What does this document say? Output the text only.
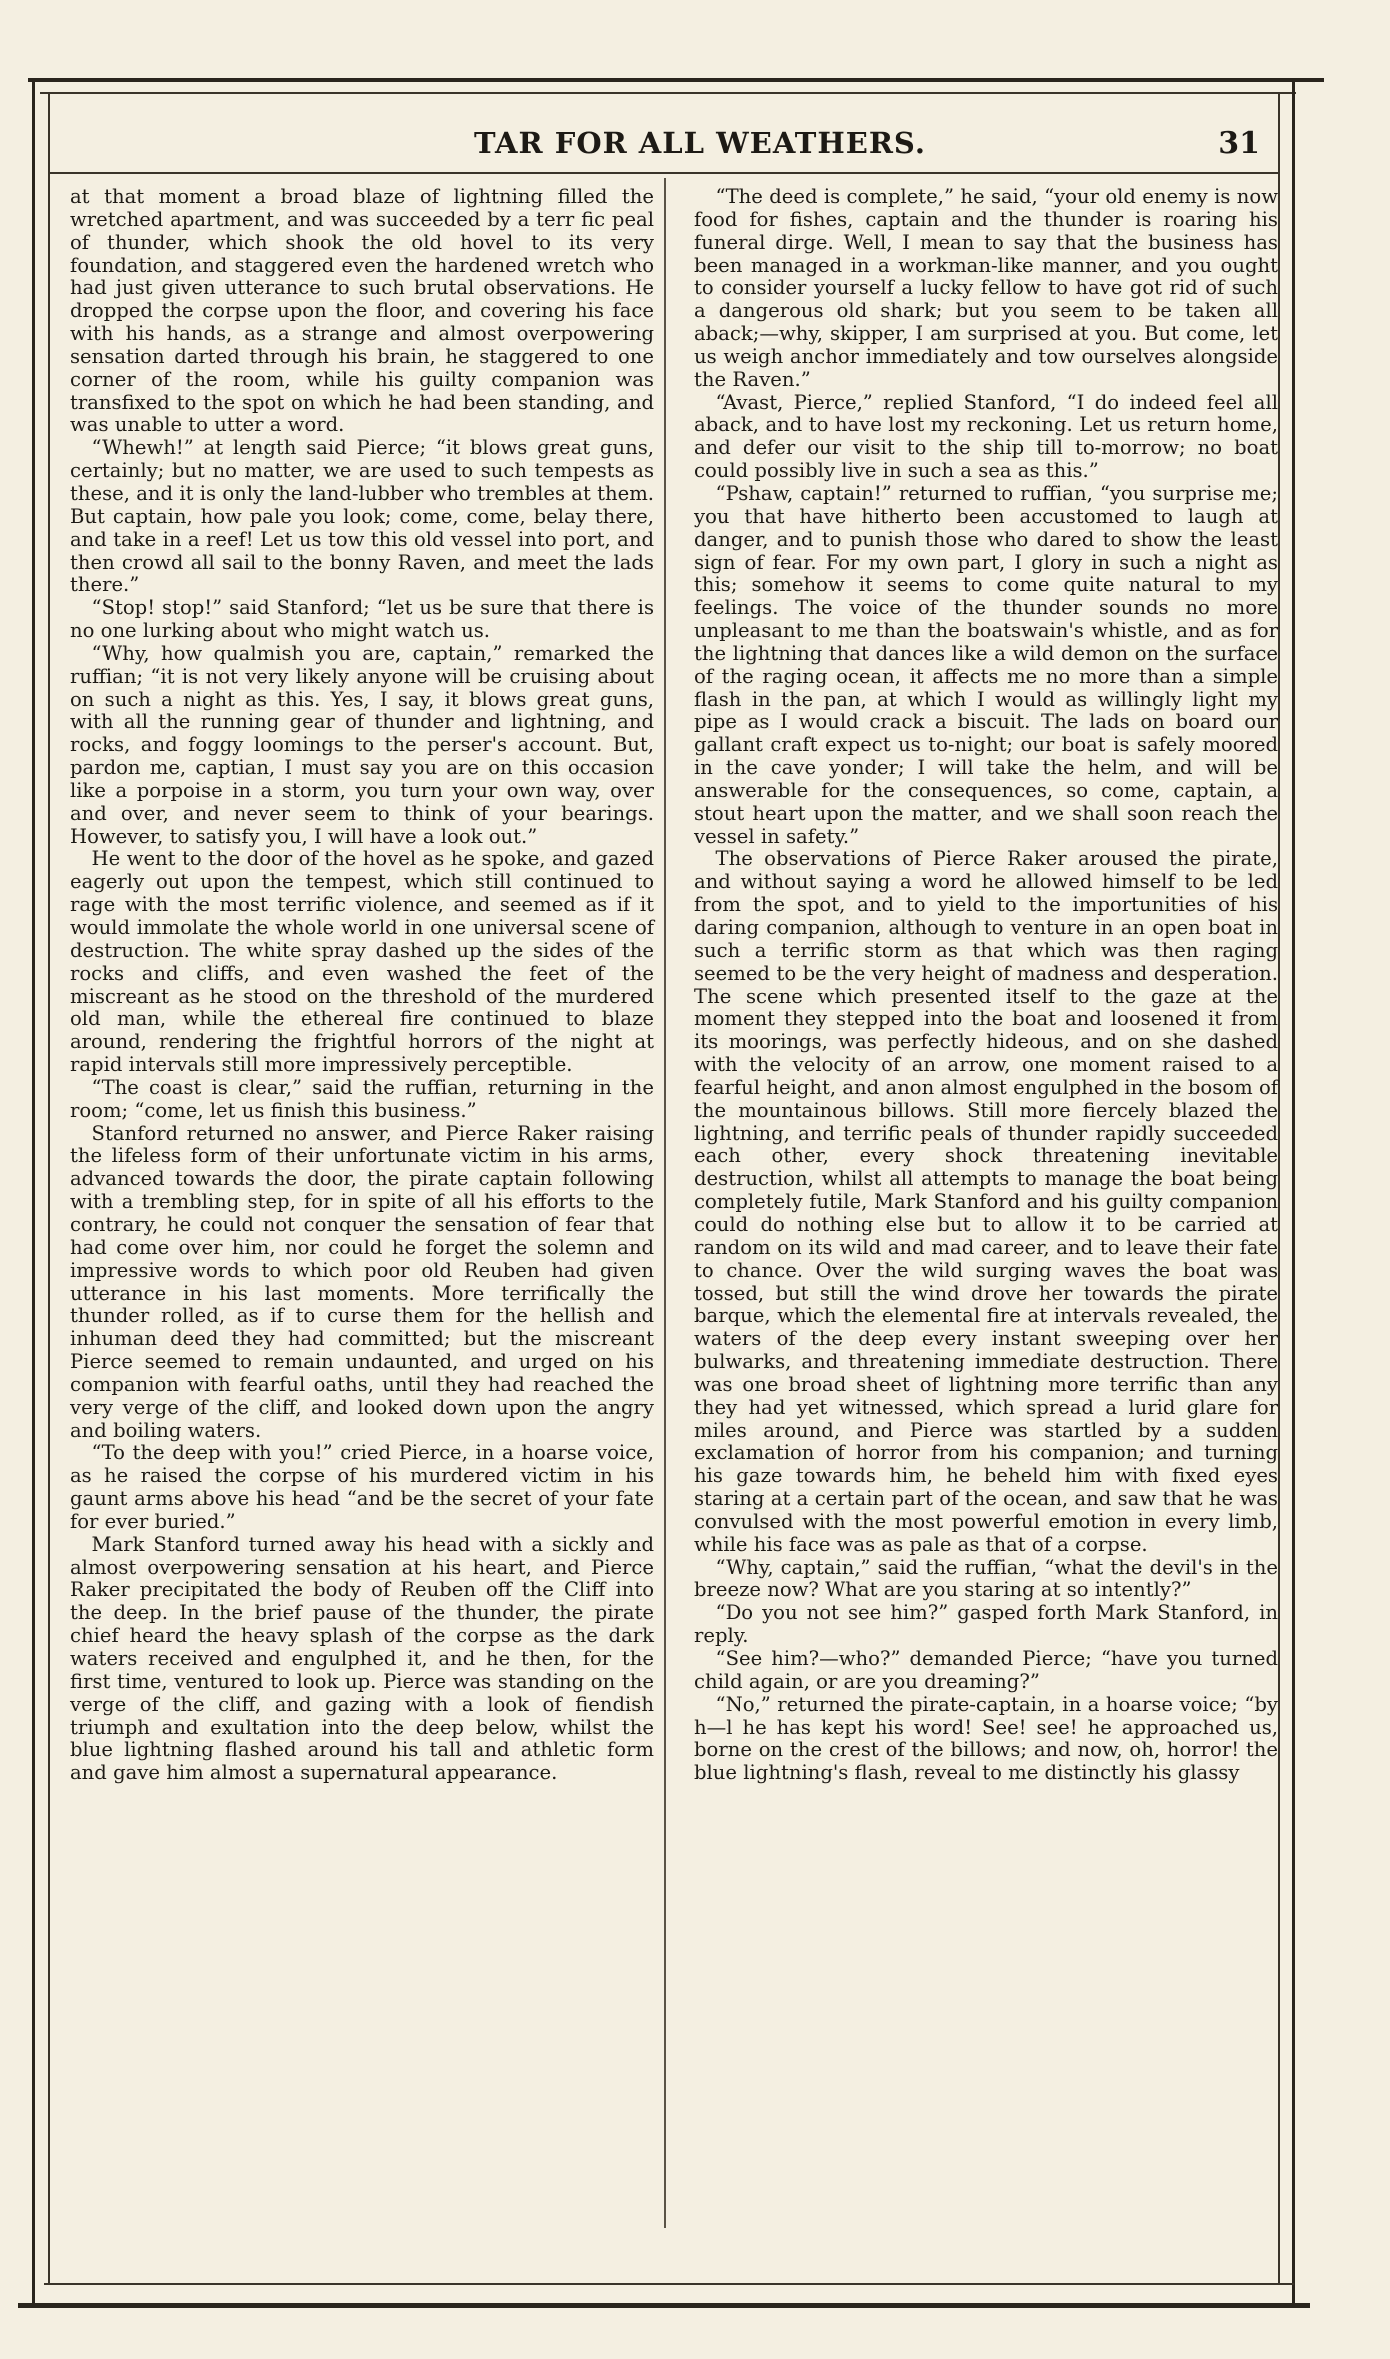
TAR FOR ALL WEATHERS.	31

at that moment a broad blaze of lightning filled the wretched apartment, and was succeeded by a terr fic peal of thunder, which shook the old hovel to its very foundation, and staggered even the hardened wretch who had just given utterance to such brutal observations. He dropped the corpse upon the floor, and covering his face with his hands, as a strange and almost overpowering sensation darted through his brain, he staggered to one corner of the room, while his guilty companion was transfixed to the spot on which he had been standing, and was unable to utter a word.

“Whewh!” at length said Pierce; “it blows great guns, certainly; but no matter, we are used to such tempests as these, and it is only the land-lubber who trembles at them. But captain, how pale you look; come, come, belay there, and take in a reef! Let us tow this old vessel into port, and then crowd all sail to the bonny Raven, and meet the lads there.”

“Stop! stop!” said Stanford; “let us be sure that there is no one lurking about who might watch us.

“Why, how qualmish you are, captain,” remarked the ruffian; “it is not very likely anyone will be cruising about on such a night as this. Yes, I say, it blows great guns, with all the running gear of thunder and lightning, and rocks, and foggy loomings to the perser's account. But, pardon me, captian, I must say you are on this occasion like a porpoise in a storm, you turn your own way, over and over, and never seem to think of your bearings. However, to satisfy you, I will have a look out.”

He went to the door of the hovel as he spoke, and gazed eagerly out upon the tempest, which still continued to rage with the most terrific violence, and seemed as if it would immolate the whole world in one universal scene of destruction. The white spray dashed up the sides of the rocks and cliffs, and even washed the feet of the miscreant as he stood on the threshold of the murdered old man, while the ethereal fire continued to blaze around, rendering the frightful horrors of the night at rapid intervals still more impressively perceptible.

“The coast is clear,” said the ruffian, returning in the room; “come, let us finish this business.”

Stanford returned no answer, and Pierce Raker raising the lifeless form of their unfortunate victim in his arms, advanced towards the door, the pirate captain following with a trembling step, for in spite of all his efforts to the contrary, he could not conquer the sensation of fear that had come over him, nor could he forget the solemn and impressive words to which poor old Reuben had given utterance in his last moments. More terrifically the thunder rolled, as if to curse them for the hellish and inhuman deed they had committed; but the miscreant Pierce seemed to remain undaunted, and urged on his companion with fearful oaths, until they had reached the very verge of the cliff, and looked down upon the angry and boiling waters.

“To the deep with you!” cried Pierce, in a hoarse voice, as he raised the corpse of his murdered victim in his gaunt arms above his head “and be the secret of your fate for ever buried.”

Mark Stanford turned away his head with a sickly and almost overpowering sensation at his heart, and Pierce Raker precipitated the body of Reuben off the Cliff into the deep. In the brief pause of the thunder, the pirate chief heard the heavy splash of the corpse as the dark waters received and engulphed it, and he then, for the first time, ventured to look up. Pierce was standing on the verge of the cliff, and gazing with a look of fiendish triumph and exultation into the deep below, whilst the blue lightning flashed around his tall and athletic form and gave him almost a supernatural appearance.

“The deed is complete,” he said, “your old enemy is now food for fishes, captain and the thunder is roaring his funeral dirge. Well, I mean to say that the business has been managed in a workman-like manner, and you ought to consider yourself a lucky fellow to have got rid of such a dangerous old shark; but you seem to be taken all aback;—why, skipper, I am surprised at you. But come, let us weigh anchor immediately and tow ourselves alongside the Raven.”

“Avast, Pierce,” replied Stanford, “I do indeed feel all aback, and to have lost my reckoning. Let us return home, and defer our visit to the ship till to-morrow; no boat could possibly live in such a sea as this.”

“Pshaw, captain!” returned to ruffian, “you surprise me; you that have hitherto been accustomed to laugh at danger, and to punish those who dared to show the least sign of fear. For my own part, I glory in such a night as this; somehow it seems to come quite natural to my feelings. The voice of the thunder sounds no more unpleasant to me than the boatswain's whistle, and as for the lightning that dances like a wild demon on the surface of the raging ocean, it affects me no more than a simple flash in the pan, at which I would as willingly light my pipe as I would crack a biscuit. The lads on board our gallant craft expect us to-night; our boat is safely moored in the cave yonder; I will take the helm, and will be answerable for the consequences, so come, captain, a stout heart upon the matter, and we shall soon reach the vessel in safety.”

The observations of Pierce Raker aroused the pirate, and without saying a word he allowed himself to be led from the spot, and to yield to the importunities of his daring companion, although to venture in an open boat in such a terrific storm as that which was then raging seemed to be the very height of madness and desperation. The scene which presented itself to the gaze at the moment they stepped into the boat and loosened it from its moorings, was perfectly hideous, and on she dashed with the velocity of an arrow, one moment raised to a fearful height, and anon almost engulphed in the bosom of the mountainous billows. Still more fiercely blazed the lightning, and terrific peals of thunder rapidly succeeded each other, every shock threatening inevitable destruction, whilst all attempts to manage the boat being completely futile, Mark Stanford and his guilty companion could do nothing else but to allow it to be carried at random on its wild and mad career, and to leave their fate to chance. Over the wild surging waves the boat was tossed, but still the wind drove her towards the pirate barque, which the elemental fire at intervals revealed, the waters of the deep every instant sweeping over her bulwarks, and threatening immediate destruction. There was one broad sheet of lightning more terrific than any they had yet witnessed, which spread a lurid glare for miles around, and Pierce was startled by a sudden exclamation of horror from his companion; and turning his gaze towards him, he beheld him with fixed eyes staring at a certain part of the ocean, and saw that he was convulsed with the most powerful emotion in every limb, while his face was as pale as that of a corpse.

“Why, captain,” said the ruffian, “what the devil's in the breeze now? What are you staring at so intently?”

“Do you not see him?” gasped forth Mark Stanford, in reply.

“See him?—who?” demanded Pierce; “have you turned child again, or are you dreaming?”

“No,” returned the pirate-captain, in a hoarse voice; “by h—l he has kept his word! See! see! he approached us, borne on the crest of the billows; and now, oh, horror! the blue lightning's flash, reveal to me distinctly his glassy
